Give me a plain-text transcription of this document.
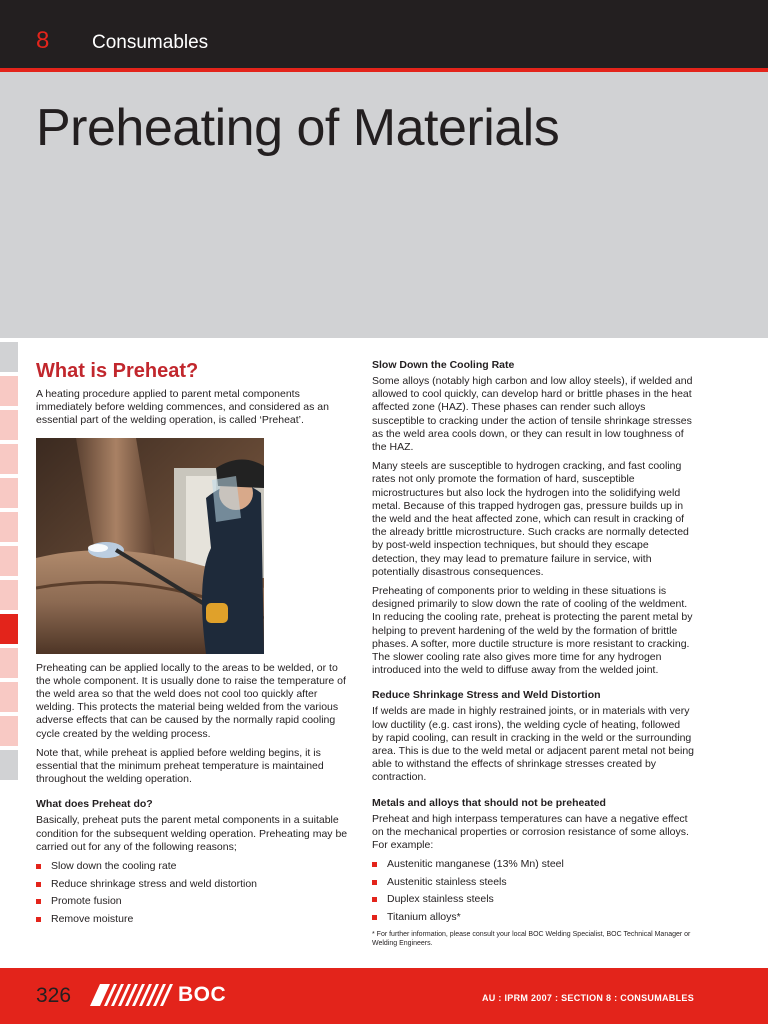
8 Consumables
Preheating of Materials
What is Preheat?

A heating procedure applied to parent metal components immediately before welding commences, and considered as an essential part of the welding operation, is called ‘Preheat’.

Preheating can be applied locally to the areas to be welded, or to the whole component. It is usually done to raise the temperature of the weld area so that the weld does not cool too quickly after welding. This protects the material being welded from the various adverse effects that can be caused by the normally rapid cooling cycle created by the welding process.

Note that, while preheat is applied before welding begins, it is essential that the minimum preheat temperature is maintained throughout the welding operation.

What does Preheat do?

Basically, preheat puts the parent metal components in a suitable condition for the subsequent welding operation. Preheating may be carried out for any of the following reasons;

Slow down the cooling rate
Reduce shrinkage stress and weld distortion
Promote fusion
Remove moisture
Slow Down the Cooling Rate

Some alloys (notably high carbon and low alloy steels), if welded and allowed to cool quickly, can develop hard or brittle phases in the heat affected zone (HAZ). These phases can render such alloys susceptible to cracking under the action of tensile shrinkage stresses as the weld area cools down, or they can result in low toughness of the HAZ.

Many steels are susceptible to hydrogen cracking, and fast cooling rates not only promote the formation of hard, susceptible microstructures but also lock the hydrogen into the solidifying weld metal. Because of this trapped hydrogen gas, pressure builds up in the weld and the heat affected zone, which can result in cracking of the already brittle microstructure. Such cracks are normally detected by post-weld inspection techniques, but should they escape detection, they may lead to premature failure in service, with potentially disastrous consequences.

Preheating of components prior to welding in these situations is designed primarily to slow down the rate of cooling of the weldment. In reducing the cooling rate, preheat is protecting the parent metal by helping to prevent hardening of the weld by the formation of brittle phases. A softer, more ductile structure is more resistant to cracking. The slower cooling rate also gives more time for any hydrogen introduced into the weld to diffuse away from the welded joint.

Reduce Shrinkage Stress and Weld Distortion

If welds are made in highly restrained joints, or in materials with very low ductility (e.g. cast irons), the welding cycle of heating, followed by rapid cooling, can result in cracking in the weld or the surrounding area. This is due to the weld metal or adjacent parent metal not being able to withstand the effects of shrinkage stresses created by contraction.

Metals and alloys that should not be preheated

Preheat and high interpass temperatures can have a negative effect on the mechanical properties or corrosion resistance of some alloys. For example:

Austenitic manganese (13% Mn) steel
Austenitic stainless steels
Duplex stainless steels
Titanium alloys*

* For further information, please consult your local BOC Welding Specialist, BOC Technical Manager or Welding Engineers.

326	BOC	AU : IPRM 2007 : SECTION 8 : CONSUMABLES
